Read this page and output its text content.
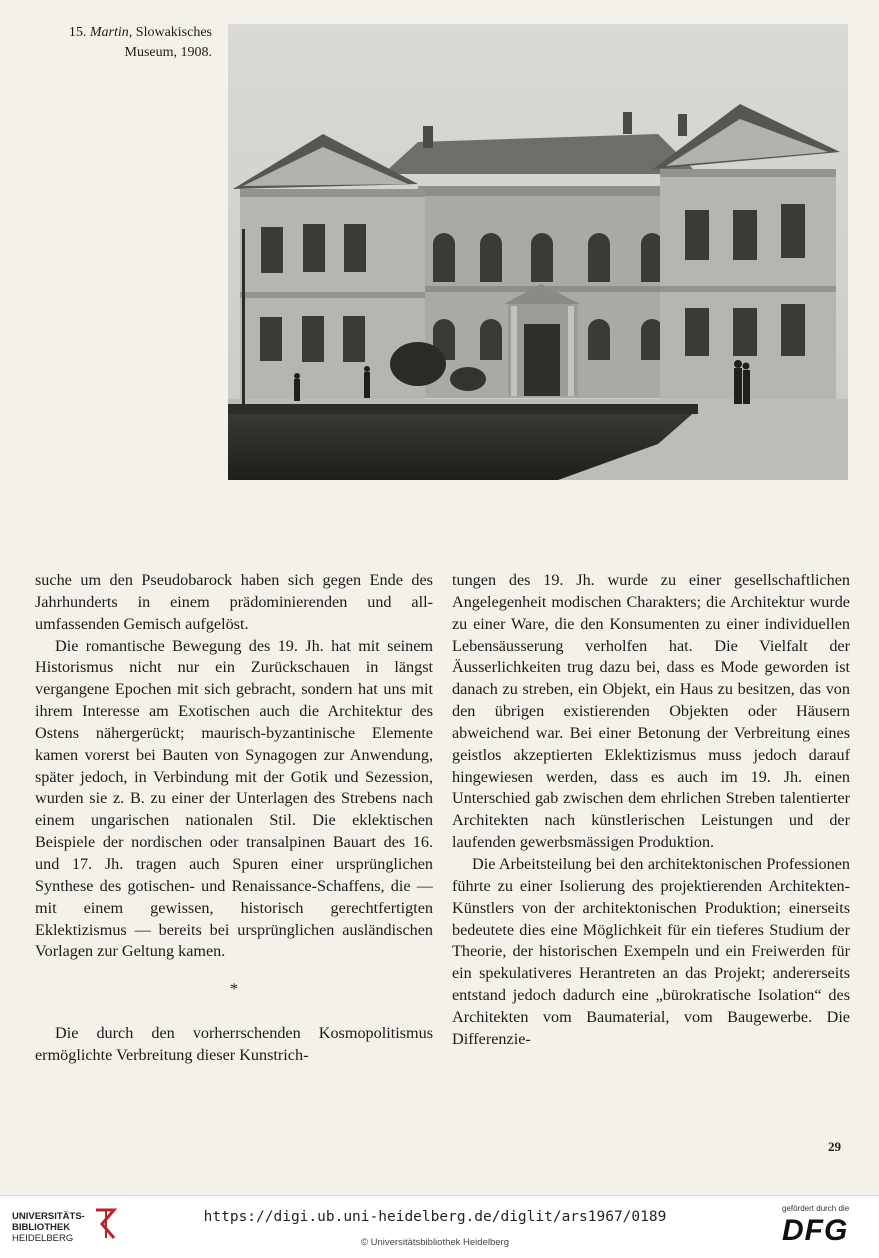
15. Martin, Slowakisches
Museum, 1908.

suche um den Pseudobarock haben sich gegen Ende des Jahrhunderts in einem prädominierenden und all-umfassenden Gemisch aufgelöst.

Die romantische Bewegung des 19. Jh. hat mit seinem Historismus nicht nur ein Zurückschauen in längst vergangene Epochen mit sich gebracht, sondern hat uns mit ihrem Interesse am Exotischen auch die Architektur des Ostens nähergerückt; maurisch-byzantinische Elemente kamen vorerst bei Bauten von Synagogen zur Anwendung, später jedoch, in Verbindung mit der Gotik und Sezession, wurden sie z. B. zu einer der Unterlagen des Strebens nach einem ungarischen nationalen Stil. Die eklektischen Beispiele der nordischen oder transalpinen Bauart des 16. und 17. Jh. tragen auch Spuren einer ursprünglichen Synthese des gotischen- und Renaissance-Schaffens, die — mit einem gewissen, historisch gerechtfertigten Eklektizismus — bereits bei ursprünglichen ausländischen Vorlagen zur Geltung kamen.

*

Die durch den vorherrschenden Kosmopolitismus ermöglichte Verbreitung dieser Kunstrich-

tungen des 19. Jh. wurde zu einer gesellschaftlichen Angelegenheit modischen Charakters; die Architektur wurde zu einer Ware, die den Konsumenten zu einer individuellen Lebensäusserung verholfen hat. Die Vielfalt der Äusserlichkeiten trug dazu bei, dass es Mode geworden ist danach zu streben, ein Objekt, ein Haus zu besitzen, das von den übrigen existierenden Objekten oder Häusern abweichend war. Bei einer Betonung der Verbreitung eines geistlos akzeptierten Eklektizismus muss jedoch darauf hingewiesen werden, dass es auch im 19. Jh. einen Unterschied gab zwischen dem ehrlichen Streben talentierter Architekten nach künstlerischen Leistungen und der laufenden gewerbsmässigen Produktion.

Die Arbeitsteilung bei den architektonischen Professionen führte zu einer Isolierung des projektierenden Architekten-Künstlers von der architektonischen Produktion; einerseits bedeutete dies eine Möglichkeit für ein tieferes Studium der Theorie, der historischen Exempeln und ein Freiwerden für ein spekulativeres Herantreten an das Projekt; andererseits entstand jedoch dadurch eine „bürokratische Isolation“ des Architekten vom Baumaterial, vom Baugewerbe. Die Differenzie-

29
UNIVERSITÄTS-
BIBLIOTHEK
HEIDELBERG
https://digi.ub.uni-heidelberg.de/diglit/ars1967/0189
© Universitätsbibliothek Heidelberg
gefördert durch die
DFG
